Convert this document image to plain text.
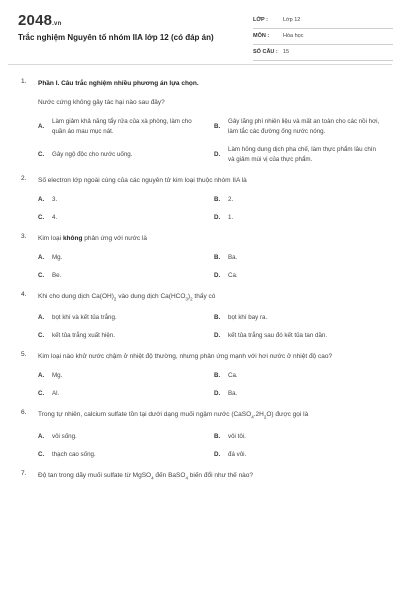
2048.vn
Trắc nghiệm Nguyên tố nhóm IIA lớp 12 (có đáp án)
LỚP :	Lớp 12
MÔN :	Hóa học
SỐ CÂU : 15
1. Phần I. Câu trắc nghiệm nhiều phương án lựa chọn.
Nước cứng không gây tác hại nào sau đây?
A.
Làm giảm khả năng tẩy rửa của xà phòng, làm cho quần áo mau mục nát.
B.
Gây lãng phí nhiên liệu và mất an toàn cho các nồi hơi, làm tắc các đường ống nước nóng.
C.	Gây ngộ độc cho nước uống.	D.
Làm hỏng dung dịch pha chế, làm thực phẩm lâu chín và giảm mùi vị của thực phẩm.
2. Số electron lớp ngoài cùng của các nguyên tử kim loại thuộc nhóm IIA là
A.	3.	B.	2.
C.	4.	D.	1.
3. Kim loại không phản ứng với nước là
A.	Mg.	B.	Ba.
C.	Be.	D.	Ca.
4. Khi cho dung dịch $Ca(OH)_2$ vào dung dịch $Ca(HCO_3)_2$ thấy có
A.	bọt khí và kết tủa trắng.	B.	bọt khí bay ra.
C.	kết tủa trắng xuất hiện.	D.	kết tủa trắng sau đó kết tủa tan dần.
5. Kim loại nào khử nước chậm ở nhiệt độ thường, nhưng phản ứng mạnh với hơi nước ở nhiệt độ cao?
A.	Mg.	B.	Ca.
C.	Al.	D.	Ba.
6. Trong tự nhiên, calcium sulfate tồn tại dưới dạng muối ngậm nước $(CaSO_4.2H_2O)$ được gọi là
A.	vôi sống.	B.	vôi tôi.
C.	thạch cao sống.	D.	đá vôi.
7. Độ tan trong dãy muối sulfate từ MgSO$_4$ đến BaSO$_4$ biến đổi như thế nào?
